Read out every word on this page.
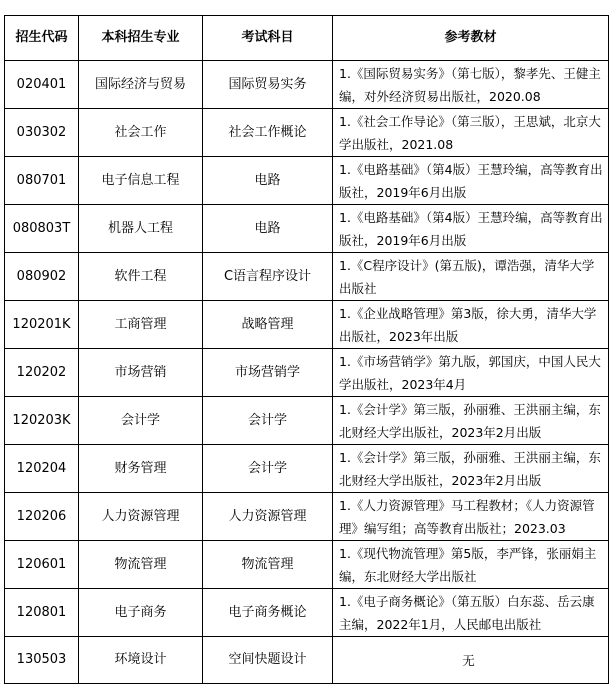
招生代码	本科招生专业	考试科目	参考教材
020401	国际经济与贸易	国际贸易实务	1.《国际贸易实务》（第七版），黎孝先、王健主编，对外经济贸易出版社，2020.08
030302	社会工作	社会工作概论	1.《社会工作导论》（第三版），王思斌，北京大学出版社，2021.08
080701	电子信息工程	电路	1.《电路基础》（第4版）王慧玲编，高等教育出版社，2019年6月出版
080803T	机器人工程	电路	1.《电路基础》（第4版）王慧玲编，高等教育出版社，2019年6月出版
080902	软件工程	C语言程序设计	1.《C程序设计》(第五版)，谭浩强，清华大学出版社
120201K	工商管理	战略管理	1.《企业战略管理》第3版，徐大勇，清华大学出版社，2023年出版
120202	市场营销	市场营销学	1.《市场营销学》第九版，郭国庆，中国人民大学出版社，2023年4月
120203K	会计学	会计学	1.《会计学》第三版，孙丽雅、王洪丽主编，东北财经大学出版社，2023年2月出版
120204	财务管理	会计学	1.《会计学》第三版，孙丽雅、王洪丽主编，东北财经大学出版社，2023年2月出版
120206	人力资源管理	人力资源管理	1.《人力资源管理》马工程教材；《人力资源管理》编写组；高等教育出版社；2023.03
120601	物流管理	物流管理	1.《现代物流管理》第5版，李严锋，张丽娟主编，东北财经大学出版社
120801	电子商务	电子商务概论	1.《电子商务概论》（第五版）白东蕊、岳云康主编，2022年1月，人民邮电出版社
130503	环境设计	空间快题设计	无
